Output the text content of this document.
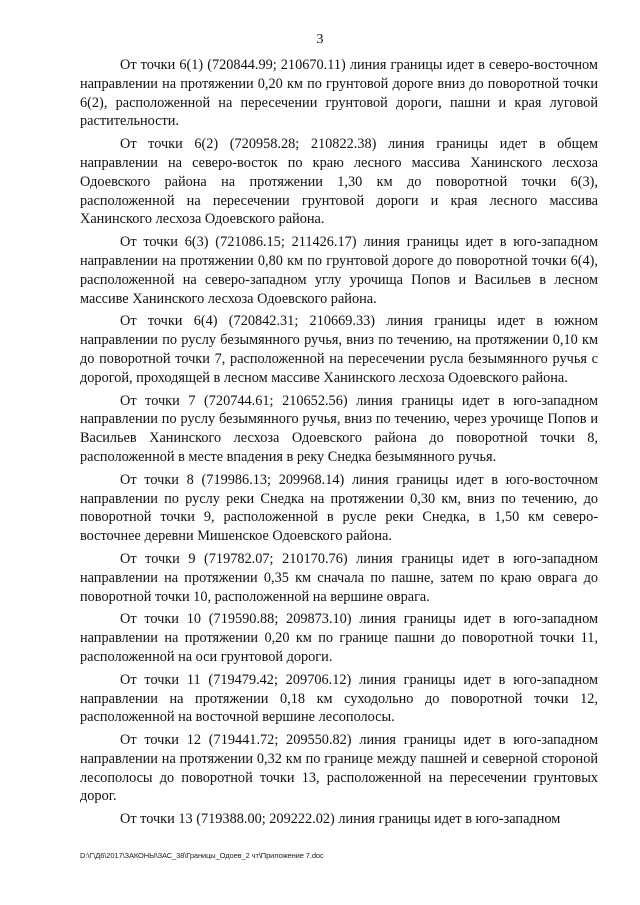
3

От точки 6(1) (720844.99; 210670.11) линия границы идет в северо-восточном направлении на протяжении 0,20 км по грунтовой дороге вниз до поворотной точки 6(2), расположенной на пересечении грунтовой дороги, пашни и края луговой растительности.

От точки 6(2) (720958.28; 210822.38) линия границы идет в общем направлении на северо-восток по краю лесного массива Ханинского лесхоза Одоевского района на протяжении 1,30 км до поворотной точки 6(3), расположенной на пересечении грунтовой дороги и края лесного массива Ханинского лесхоза Одоевского района.

От точки 6(3) (721086.15; 211426.17) линия границы идет в юго-западном направлении на протяжении 0,80 км по грунтовой дороге до поворотной точки 6(4), расположенной на северо-западном углу урочища Попов и Васильев в лесном массиве Ханинского лесхоза Одоевского района.

От точки 6(4) (720842.31; 210669.33) линия границы идет в южном направлении по руслу безымянного ручья, вниз по течению, на протяжении 0,10 км до поворотной точки 7, расположенной на пересечении русла безымянного ручья с дорогой, проходящей в лесном массиве Ханинского лесхоза Одоевского района.

От точки 7 (720744.61; 210652.56) линия границы идет в юго-западном направлении по руслу безымянного ручья, вниз по течению, через урочище Попов и Васильев Ханинского лесхоза Одоевского района до поворотной точки 8, расположенной в месте впадения в реку Снедка безымянного ручья.

От точки 8 (719986.13; 209968.14) линия границы идет в юго-восточном направлении по руслу реки Снедка на протяжении 0,30 км, вниз по течению, до поворотной точки 9, расположенной в русле реки Снедка, в 1,50 км северо-восточнее деревни Мишенское Одоевского района.

От точки 9 (719782.07; 210170.76) линия границы идет в юго-западном направлении на протяжении 0,35 км сначала по пашне, затем по краю оврага до поворотной точки 10, расположенной на вершине оврага.

От точки 10 (719590.88; 209873.10) линия границы идет в юго-западном направлении на протяжении 0,20 км по границе пашни до поворотной точки 11, расположенной на оси грунтовой дороги.

От точки 11 (719479.42; 209706.12) линия границы идет в юго-западном направлении на протяжении 0,18 км суходольно до поворотной точки 12, расположенной на восточной вершине лесополосы.

От точки 12 (719441.72; 209550.82) линия границы идет в юго-западном направлении на протяжении 0,32 км по границе между пашней и северной стороной лесополосы до поворотной точки 13, расположенной на пересечении грунтовых дорог.

От точки 13 (719388.00; 209222.02) линия границы идет в юго-западном

D:\Г\Д6\2017\ЗАКОНЫ\ЗАС_38\Границы_Одоев_2 чт\Приложение 7.doc
